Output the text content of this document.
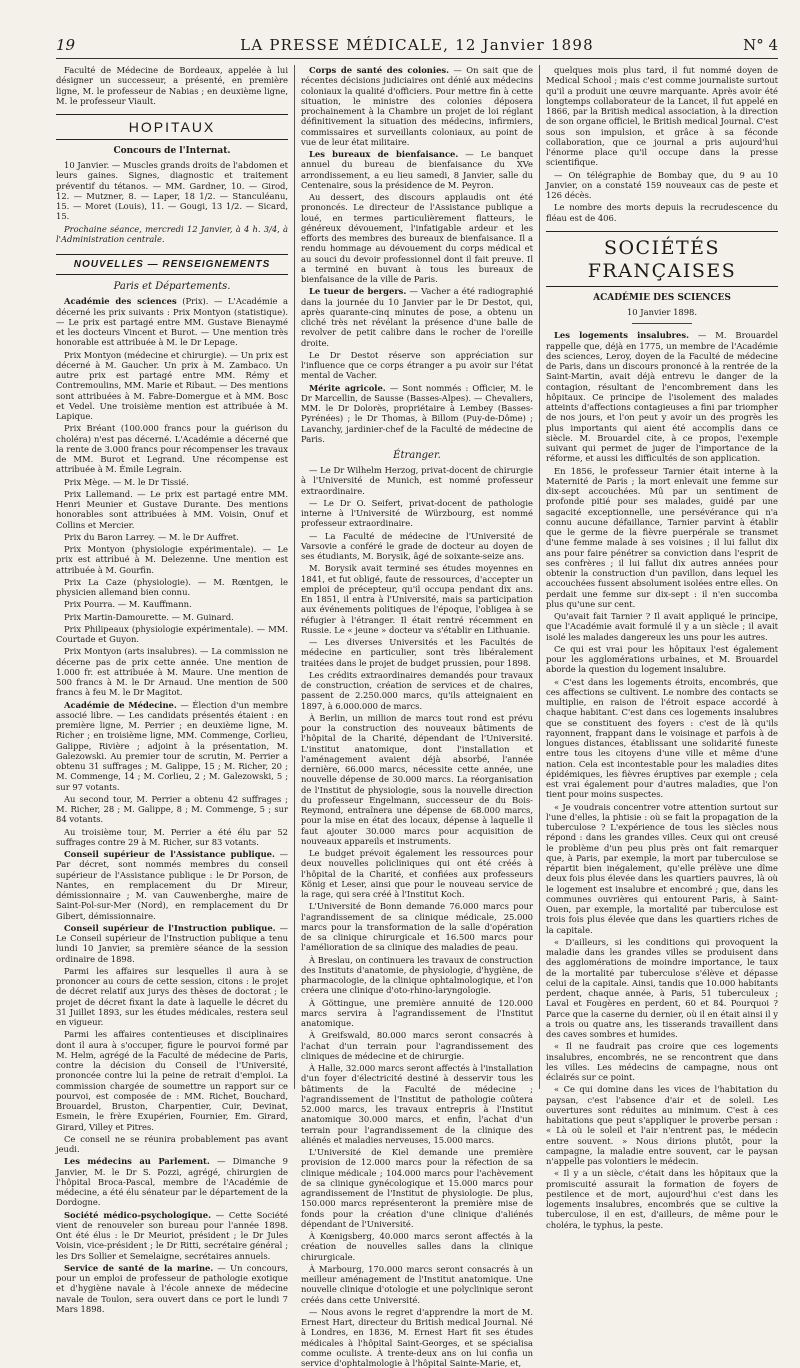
19	LA PRESSE MÉDICALE, 12 Janvier 1898	N° 4

Faculté de Médecine de Bordeaux, appelée à lui désigner un successeur, a présenté, en première ligne, M. le professeur de Nabias ; en deuxième ligne, M. le professeur Viault.

HOPITAUX
Concours de l'Internat.

10 Janvier. — Muscles grands droits de l'abdomen et leurs gaines. Signes, diagnostic et traitement préventif du tétanos. — MM. Gardner, 10. — Girod, 12. — Mutzner, 8. — Laper, 18 1/2. — Stanculéanu, 15. — Moret (Louis), 11. — Gougi, 13 1/2. — Sicard, 15.

Prochaine séance, mercredi 12 Janvier, à 4 h. 3/4, à l'Administration centrale.

NOUVELLES — RENSEIGNEMENTS
Paris et Départements.

Académie des sciences (Prix). — L'Académie a décerné les prix suivants : Prix Montyon (statistique). — Le prix est partagé entre MM. Gustave Bienaymé et les docteurs Vincent et Burot. — Une mention très honorable est attribuée à M. le Dr Lepage.

Prix Montyon (médecine et chirurgie). — Un prix est décerné à M. Gaucher. Un prix à M. Zambaco. Un autre prix est partagé entre MM. Rémy et Contremoulins, MM. Marie et Ribaut. — Des mentions sont attribuées à M. Fabre-Domergue et à MM. Bosc et Vedel. Une troisième mention est attribuée à M. Lapique.

Prix Bréant (100.000 francs pour la guérison du choléra) n'est pas décerné. L'Académie a décerné que la rente de 3.000 francs pour récompenser les travaux de MM. Burot et Legrand. Une récompense est attribuée à M. Émile Legrain.

Prix Mège. — M. le Dr Tissié.

Prix Lallemand. — Le prix est partagé entre MM. Henri Meunier et Gustave Durante. Des mentions honorables sont attribuées à MM. Voisin, Onuf et Collins et Mercier.

Prix du Baron Larrey. — M. le Dr Auffret.

Prix Montyon (physiologie expérimentale). — Le prix est attribué à M. Delezenne. Une mention est attribuée à M. Gourfin.

Prix La Caze (physiologie). — M. Rœntgen, le physicien allemand bien connu.

Prix Pourra. — M. Kauffmann.

Prix Martin-Damourette. — M. Guinard.

Prix Philipeaux (physiologie expérimentale). — MM. Courtade et Guyon.

Prix Montyon (arts insalubres). — La commission ne décerne pas de prix cette année. Une mention de 1.000 fr. est attribuée à M. Maure. Une mention de 500 francs à M. le Dr Arnaud. Une mention de 500 francs à feu M. le Dr Magitot.

Académie de Médecine. — Élection d'un membre associé libre. — Les candidats présentés étaient : en première ligne, M. Perrier ; en deuxième ligne, M. Richer ; en troisième ligne, MM. Commenge, Corlieu, Galippe, Rivière ; adjoint à la présentation, M. Galezowski. Au premier tour de scrutin, M. Perrier a obtenu 31 suffrages ; M. Galippe, 15 ; M. Richer, 20 ; M. Commenge, 14 ; M. Corlieu, 2 ; M. Galezowski, 5 ; sur 97 votants.

Au second tour, M. Perrier a obtenu 42 suffrages ; M. Richer, 28 ; M. Galippe, 8 ; M. Commenge, 5 ; sur 84 votants.

Au troisième tour, M. Perrier a été élu par 52 suffrages contre 29 à M. Richer, sur 83 votants.

Conseil supérieur de l'Assistance publique. — Par décret, sont nommés membres du conseil supérieur de l'Assistance publique : le Dr Porson, de Nantes, en remplacement du Dr Mireur, démissionnaire ; M. van Cauwenberghe, maire de Saint-Pol-sur-Mer (Nord), en remplacement du Dr Gibert, démissionnaire.

Conseil supérieur de l'Instruction publique. — Le Conseil supérieur de l'Instruction publique a tenu lundi 10 Janvier, sa première séance de la session ordinaire de 1898.

Parmi les affaires sur lesquelles il aura à se prononcer au cours de cette session, citons : le projet de décret relatif aux jurys des thèses de doctorat ; le projet de décret fixant la date à laquelle le décret du 31 Juillet 1893, sur les études médicales, restera seul en vigueur.

Parmi les affaires contentieuses et disciplinaires dont il aura à s'occuper, figure le pourvoi formé par M. Helm, agrégé de la Faculté de médecine de Paris, contre la décision du Conseil de l'Université, prononcée contre lui la peine de retrait d'emploi. La commission chargée de soumettre un rapport sur ce pourvoi, est composée de : MM. Richet, Bouchard, Brouardel, Bruston, Charpentier, Cuir, Devinat, Esmein, le frère Exupérien, Fournier, Em. Girard, Girard, Villey et Pitres.

Ce conseil ne se réunira probablement pas avant jeudi.

Les médecins au Parlement. — Dimanche 9 Janvier, M. le Dr S. Pozzi, agrégé, chirurgien de l'hôpital Broca-Pascal, membre de l'Académie de médecine, a été élu sénateur par le département de la Dordogne.

Société médico-psychologique. — Cette Société vient de renouveler son bureau pour l'année 1898. Ont été élus : le Dr Meuriot, président ; le Dr Jules Voisin, vice-président ; le Dr Ritti, secrétaire général ; les Drs Sollier et Semelaigne, secrétaires annuels.

Service de santé de la marine. — Un concours, pour un emploi de professeur de pathologie exotique et d'hygiène navale à l'école annexe de médecine navale de Toulon, sera ouvert dans ce port le lundi 7 Mars 1898.

Corps de santé des colonies. — On sait que de récentes décisions judiciaires ont dénié aux médecins coloniaux la qualité d'officiers. Pour mettre fin à cette situation, le ministre des colonies déposera prochainement à la Chambre un projet de loi réglant définitivement la situation des médecins, infirmiers, commissaires et surveillants coloniaux, au point de vue de leur état militaire.

Les bureaux de bienfaisance. — Le banquet annuel du bureau de bienfaisance du XVe arrondissement, a eu lieu samedi, 8 Janvier, salle du Centenaire, sous la présidence de M. Peyron.

Au dessert, des discours applaudis ont été prononcés. Le directeur de l'Assistance publique a loué, en termes particulièrement flatteurs, le généreux dévouement, l'infatigable ardeur et les efforts des membres des bureaux de bienfaisance. Il a rendu hommage au dévouement du corps médical et au souci du devoir professionnel dont il fait preuve. Il a terminé en buvant à tous les bureaux de bienfaisance de la ville de Paris.

Le tueur de bergers. — Vacher a été radiographié dans la journée du 10 Janvier par le Dr Destot, qui, après quarante-cinq minutes de pose, a obtenu un cliché très net révélant la présence d'une balle de revolver de petit calibre dans le rocher de l'oreille droite.

Le Dr Destot réserve son appréciation sur l'influence que ce corps étranger a pu avoir sur l'état mental de Vacher.

Mérite agricole. — Sont nommés : Officier, M. le Dr Marcellin, de Sausse (Basses-Alpes). — Chevaliers, MM. le Dr Dolorès, propriétaire à Lembey (Basses-Pyrénées) ; le Dr Thomas, à Billom (Puy-de-Dôme) ; Lavanchy, jardinier-chef de la Faculté de médecine de Paris.

Étranger.

— Le Dr Wilhelm Herzog, privat-docent de chirurgie à l'Université de Munich, est nommé professeur extraordinaire.

— Le Dr O. Seifert, privat-docent de pathologie interne à l'Université de Würzbourg, est nommé professeur extraordinaire.

— La Faculté de médecine de l'Université de Varsovie a conféré le grade de docteur au doyen de ses étudiants, M. Borysik, âgé de soixante-seize ans.

M. Borysik avait terminé ses études moyennes en 1841, et fut obligé, faute de ressources, d'accepter un emploi de précepteur, qu'il occupa pendant dix ans. En 1851, il entra à l'Université, mais sa participation aux événements politiques de l'époque, l'obligea à se réfugier à l'étranger. Il était rentré récemment en Russie. Le « jeune » docteur va s'établir en Lithuanie.

— Les diverses Universités et les Facultés de médecine en particulier, sont très libéralement traitées dans le projet de budget prussien, pour 1898.

Les crédits extraordinaires demandés pour travaux de construction, création de services et de chaires, passent de 2.250.000 marcs, qu'ils atteignaient en 1897, à 6.000.000 de marcs.

À Berlin, un million de marcs tout rond est prévu pour la construction des nouveaux bâtiments de l'hôpital de la Charité, dépendant de l'Université. L'institut anatomique, dont l'installation et l'aménagement avaient déjà absorbé, l'année dernière, 66.000 marcs, nécessite cette année, une nouvelle dépense de 30.000 marcs. La réorganisation de l'Institut de physiologie, sous la nouvelle direction du professeur Engelmann, successeur de du Bois-Reymond, entraînera une dépense de 68.000 marcs, pour la mise en état des locaux, dépense à laquelle il faut ajouter 30.000 marcs pour acquisition de nouveaux appareils et instruments.

Le budget prévoit également les ressources pour deux nouvelles policliniques qui ont été créés à l'hôpital de la Charité, et confiées aux professeurs König et Leser, ainsi que pour le nouveau service de la rage, qui sera créé à l'Institut Koch.

L'Université de Bonn demande 76.000 marcs pour l'agrandissement de sa clinique médicale, 25.000 marcs pour la transformation de la salle d'opération de sa clinique chirurgicale et 16.500 marcs pour l'amélioration de sa clinique des maladies de peau.

À Breslau, on continuera les travaux de construction des Instituts d'anatomie, de physiologie, d'hygiène, de pharmacologie, de la clinique ophtalmologique, et l'on créera une clinique d'oto-rhino-laryngologie.

À Göttingue, une première annuité de 120.000 marcs servira à l'agrandissement de l'Institut anatomique.

À Greifswald, 80.000 marcs seront consacrés à l'achat d'un terrain pour l'agrandissement des cliniques de médecine et de chirurgie.

À Halle, 32.000 marcs seront affectés à l'installation d'un foyer d'électricité destiné à desservir tous les bâtiments de la Faculté de médecine ; l'agrandissement de l'Institut de pathologie coûtera 52.000 marcs, les travaux entrepris à l'Institut anatomique 30.000 marcs, et enfin, l'achat d'un terrain pour l'agrandissement de la clinique des aliénés et maladies nerveuses, 15.000 marcs.

L'Université de Kiel demande une première provision de 12.000 marcs pour la réfection de sa clinique médicale ; 104.000 marcs pour l'achèvement de sa clinique gynécologique et 15.000 marcs pour agrandissement de l'Institut de physiologie. De plus, 150.000 marcs représenteront la première mise de fonds pour la création d'une clinique d'aliénés dépendant de l'Université.

À Kœnigsberg, 40.000 marcs seront affectés à la création de nouvelles salles dans la clinique chirurgicale.

À Marbourg, 170.000 marcs seront consacrés à un meilleur aménagement de l'Institut anatomique. Une nouvelle clinique d'otologie et une polyclinique seront créés dans cette Université.

— Nous avons le regret d'apprendre la mort de M. Ernest Hart, directeur du British medical Journal. Né à Londres, en 1836, M. Ernest Hart fit ses études médicales à l'hôpital Saint-Georges, et se spécialisa comme oculiste. À trente-deux ans on lui confia un service d'ophtalmologie à l'hôpital Sainte-Marie, et,

quelques mois plus tard, il fut nommé doyen de Medical School ; mais c'est comme journaliste surtout qu'il a produit une œuvre marquante. Après avoir été longtemps collaborateur de la Lancet, il fut appelé en 1866, par la British medical association, à la direction de son organe officiel, le British medical Journal. C'est sous son impulsion, et grâce à sa féconde collaboration, que ce journal a pris aujourd'hui l'énorme place qu'il occupe dans la presse scientifique.

— On télégraphie de Bombay que, du 9 au 10 Janvier, on a constaté 159 nouveaux cas de peste et 126 décès.

Le nombre des morts depuis la recrudescence du fléau est de 406.

SOCIÉTÉS FRANÇAISES
ACADÉMIE DES SCIENCES
10 Janvier 1898.

Les logements insalubres. — M. Brouardel rappelle que, déjà en 1775, un membre de l'Académie des sciences, Leroy, doyen de la Faculté de médecine de Paris, dans un discours prononcé à la rentrée de la Saint-Martin, avait déjà entrevu le danger de la contagion, résultant de l'encombrement dans les hôpitaux. Ce principe de l'isolement des malades atteints d'affections contagieuses a fini par triompher de nos jours, et l'on peut y avoir un des progrès les plus importants qui aient été accomplis dans ce siècle. M. Brouardel cite, à ce propos, l'exemple suivant qui permet de juger de l'importance de la réforme, et aussi les difficultés de son application.

En 1856, le professeur Tarnier était interne à la Maternité de Paris ; la mort enlevait une femme sur dix-sept accouchées. Mû par un sentiment de profonde pitié pour ses malades, guidé par une sagacité exceptionnelle, une persévérance qui n'a connu aucune défaillance, Tarnier parvint à établir que le germe de la fièvre puerpérale se transmet d'une femme malade à ses voisines ; il lui fallut dix ans pour faire pénétrer sa conviction dans l'esprit de ses confrères ; il lui fallut dix autres années pour obtenir la construction d'un pavillon, dans lequel les accouchées fussent absolument isolées entre elles. On perdait une femme sur dix-sept : il n'en succomba plus qu'une sur cent.

Qu'avait fait Tarnier ? Il avait appliqué le principe, que l'Académie avait formulé il y a un siècle ; il avait isolé les malades dangereux les uns pour les autres.

Ce qui est vrai pour les hôpitaux l'est également pour les agglomérations urbaines, et M. Brouardel aborde la question du logement insalubre.

« C'est dans les logements étroits, encombrés, que ces affections se cultivent. Le nombre des contacts se multiplie, en raison de l'étroit espace accordé à chaque habitant. C'est dans ces logements insalubres que se constituent des foyers : c'est de là qu'ils rayonnent, frappant dans le voisinage et parfois à de longues distances, établissant une solidarité funeste entre tous les citoyens d'une ville et même d'une nation. Cela est incontestable pour les maladies dites épidémiques, les fièvres éruptives par exemple ; cela est vrai également pour d'autres maladies, que l'on tient pour moins suspectes.

« Je voudrais concentrer votre attention surtout sur l'une d'elles, la phtisie : où se fait la propagation de la tuberculose ? L'expérience de tous les siècles nous répond : dans les grandes villes. Ceux qui ont creusé le problème d'un peu plus près ont fait remarquer que, à Paris, par exemple, la mort par tuberculose se répartit bien inégalement, qu'elle prélève une dîme deux fois plus élevée dans les quartiers pauvres, là où le logement est insalubre et encombré ; que, dans les communes ouvrières qui entourent Paris, à Saint-Ouen, par exemple, la mortalité par tuberculose est trois fois plus élevée que dans les quartiers riches de la capitale.

« D'ailleurs, si les conditions qui provoquent la maladie dans les grandes villes se produisent dans des agglomérations de moindre importance, le taux de la mortalité par tuberculose s'élève et dépasse celui de la capitale. Ainsi, tandis que 10.000 habitants perdent, chaque année, à Paris, 51 tuberculeux ; Laval et Fougères en perdent, 60 et 84. Pourquoi ? Parce que la caserne du dernier, où il en était ainsi il y a trois ou quatre ans, les tisserands travaillent dans des caves sombres et humides.

« Il ne faudrait pas croire que ces logements insalubres, encombrés, ne se rencontrent que dans les villes. Les médecins de campagne, nous ont éclairés sur ce point.

« Ce qui domine dans les vices de l'habitation du paysan, c'est l'absence d'air et de soleil. Les ouvertures sont réduites au minimum. C'est à ces habitations que peut s'appliquer le proverbe persan : « Là où le soleil et l'air n'entrent pas, le médecin entre souvent. » Nous dirions plutôt, pour la campagne, la maladie entre souvent, car le paysan n'appelle pas volontiers le médecin.

« Il y a un siècle, c'était dans les hôpitaux que la promiscuité assurait la formation de foyers de pestilence et de mort, aujourd'hui c'est dans les logements insalubres, encombrés que se cultive la tuberculose, il en est, d'ailleurs, de même pour le choléra, le typhus, la peste.
